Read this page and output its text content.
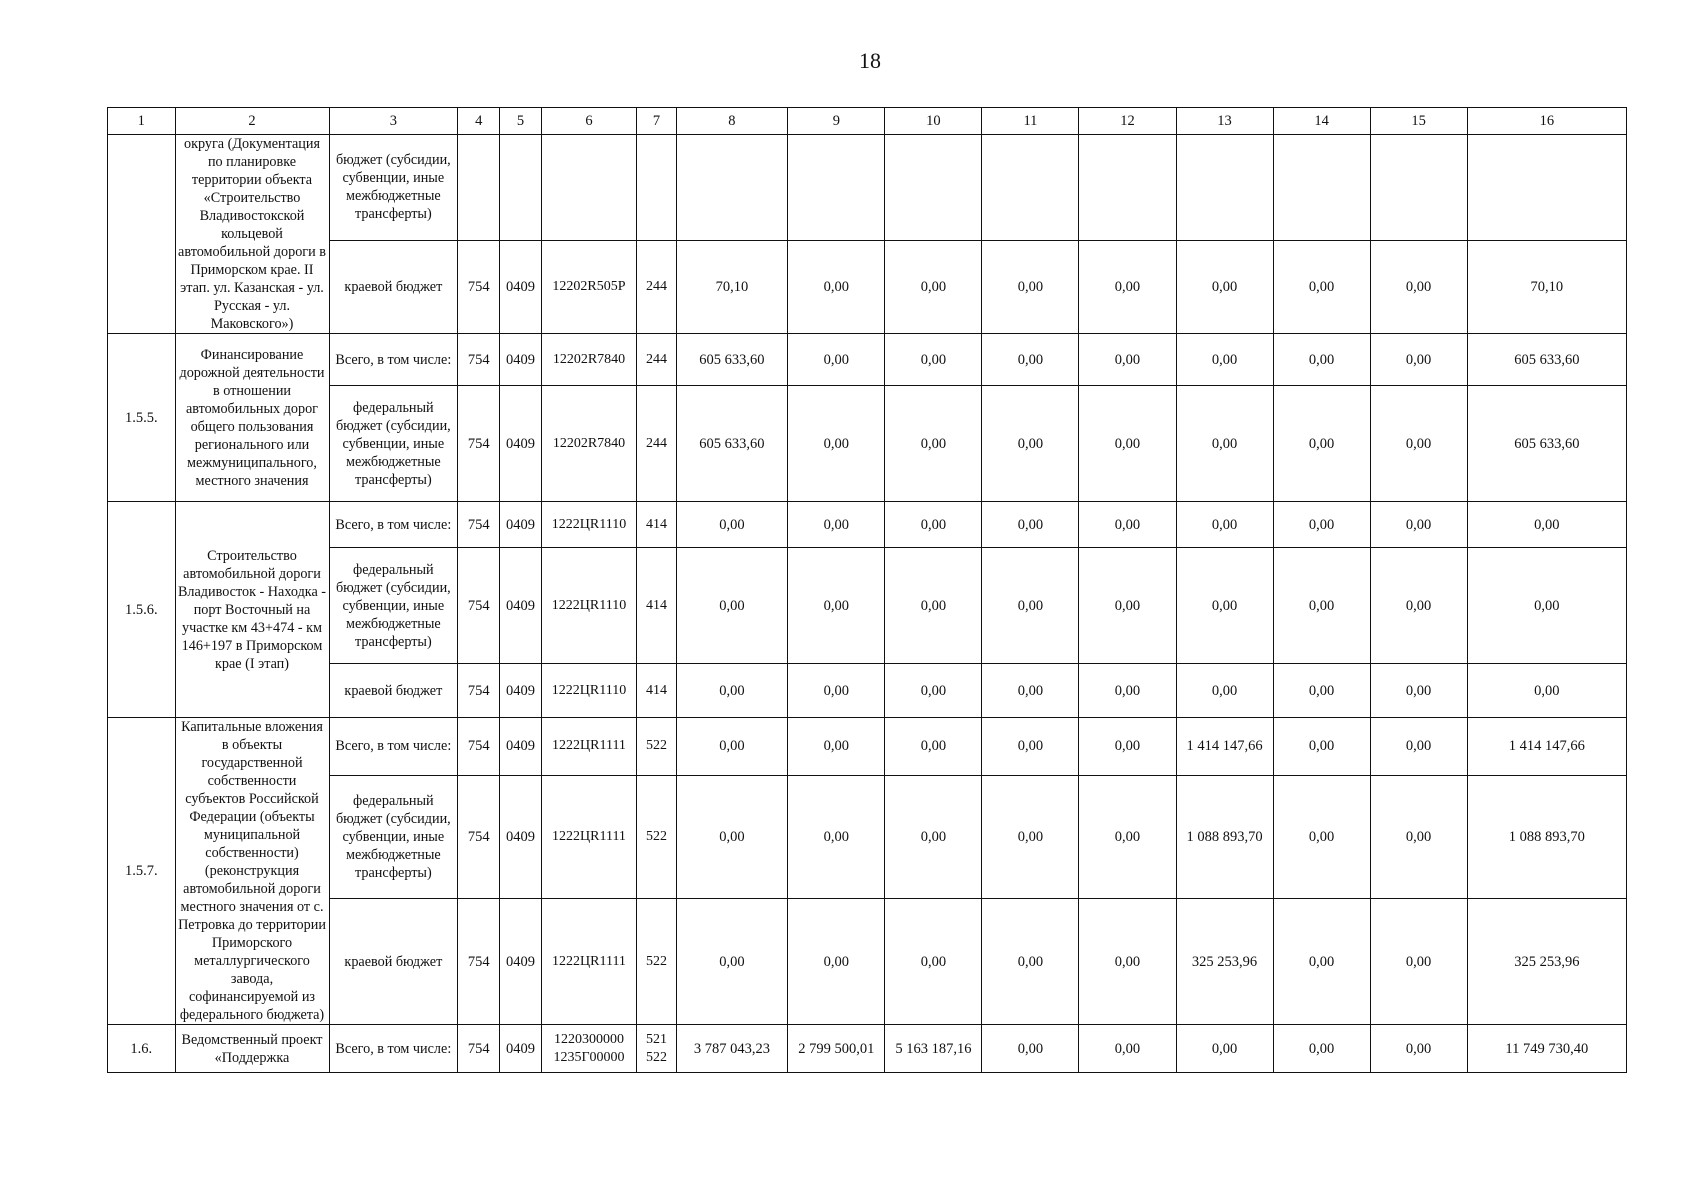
18
1	2	3	4	5	6	7	8	9	10	11	12	13	14	15	16
	округа (Документация по планировке территории объекта «Строительство Владивостокской кольцевой автомобильной дороги в Приморском крае. II этап. ул. Казанская - ул. Русская - ул. Маковского»)	бюджет (субсидии, субвенции, иные межбюджетные трансферты)													
		краевой бюджет	754	0409	12202R505P	244	70,10	0,00	0,00	0,00	0,00	0,00	0,00	0,00	70,10
1.5.5.	Финансирование дорожной деятельности в отношении автомобильных дорог общего пользования регионального или межмуниципального, местного значения	Всего, в том числе:	754	0409	12202R7840	244	605 633,60	0,00	0,00	0,00	0,00	0,00	0,00	0,00	605 633,60
		федеральный бюджет (субсидии, субвенции, иные межбюджетные трансферты)	754	0409	12202R7840	244	605 633,60	0,00	0,00	0,00	0,00	0,00	0,00	0,00	605 633,60
1.5.6.	Строительство автомобильной дороги Владивосток - Находка - порт Восточный на участке км 43+474 - км 146+197 в Приморском крае (I этап)	Всего, в том числе:	754	0409	1222ЦR1110	414	0,00	0,00	0,00	0,00	0,00	0,00	0,00	0,00	0,00
		федеральный бюджет (субсидии, субвенции, иные межбюджетные трансферты)	754	0409	1222ЦR1110	414	0,00	0,00	0,00	0,00	0,00	0,00	0,00	0,00	0,00
		краевой бюджет	754	0409	1222ЦR1110	414	0,00	0,00	0,00	0,00	0,00	0,00	0,00	0,00	0,00
1.5.7.	Капитальные вложения в объекты государственной собственности субъектов Российской Федерации (объекты муниципальной собственности) (реконструкция автомобильной дороги местного значения от с. Петровка до территории Приморского металлургического завода, софинансируемой из федерального бюджета)	Всего, в том числе:	754	0409	1222ЦR1111	522	0,00	0,00	0,00	0,00	0,00	1 414 147,66	0,00	0,00	1 414 147,66
		федеральный бюджет (субсидии, субвенции, иные межбюджетные трансферты)	754	0409	1222ЦR1111	522	0,00	0,00	0,00	0,00	0,00	1 088 893,70	0,00	0,00	1 088 893,70
		краевой бюджет	754	0409	1222ЦR1111	522	0,00	0,00	0,00	0,00	0,00	325 253,96	0,00	0,00	325 253,96
1.6.	Ведомственный проект «Поддержка	Всего, в том числе:	754	0409	1220300000 1235Г00000	521 522	3 787 043,23	2 799 500,01	5 163 187,16	0,00	0,00	0,00	0,00	0,00	11 749 730,40
